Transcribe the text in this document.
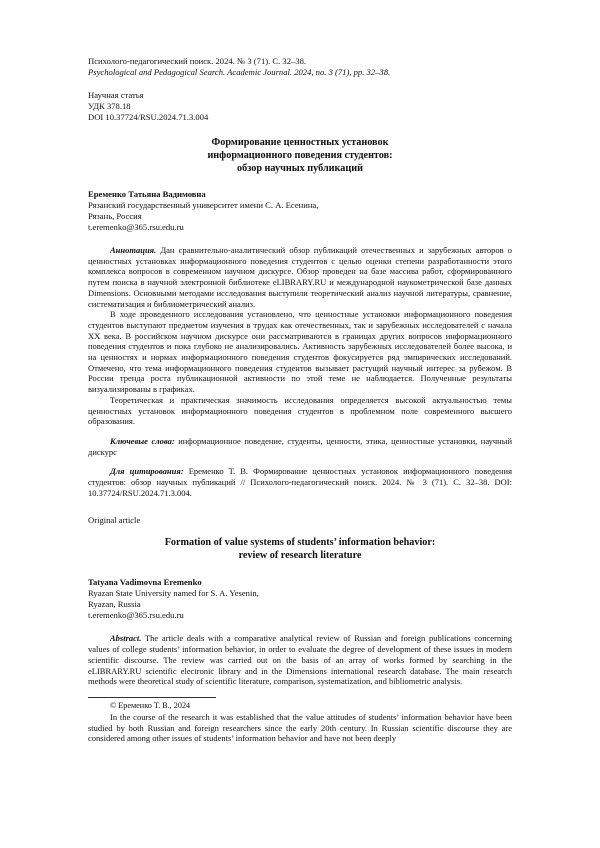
Психолого-педагогический поиск. 2024. № 3 (71). С. 32–38.
Psychological and Pedagogical Search. Academic Journal. 2024, no. 3 (71), pp. 32–38.
Научная статья
УДК 378.18
DOI 10.37724/RSU.2024.71.3.004
Формирование ценностных установок
информационного поведения студентов:
обзор научных публикаций
Еременко Татьяна Вадимовна
Рязанский государственный университет имени С. А. Есенина,
Рязань, Россия
t.eremenko@365.rsu.edu.ru

Аннотация. Дан сравнительно-аналитический обзор публикаций отечественных и зарубежных авторов о ценностных установках информационного поведения студентов с целью оценки степени разработанности этого комплекса вопросов в современном научном дискурсе. Обзор проведен на базе массива работ, сформированного путем поиска в научной электронной библиотеке eLIBRARY.RU и международной наукометрической базе данных Dimensions. Основными методами исследования выступили теоретический анализ научной литературы, сравнение, систематизация и библиометрический анализ.

В ходе проведенного исследования установлено, что ценностные установки информационного поведения студентов выступают предметом изучения в трудах как отечественных, так и зарубежных исследователей с начала XX века. В российском научном дискурсе они рассматриваются в границах других вопросов информационного поведения студентов и пока глубоко не анализировались. Активность зарубежных исследователей более высока, и на ценностях и нормах информационного поведения студентов фокусируется ряд эмпирических исследований. Отмечено, что тема информационного поведения студентов вызывает растущий научный интерес за рубежом. В России тренда роста публикационной активности по этой теме не наблюдается. Полученные результаты визуализированы в графиках.

Теоретическая и практическая значимость исследования определяется высокой актуальностью темы ценностных установок информационного поведения студентов в проблемном поле современного высшего образования.

Ключевые слова: информационное поведение, студенты, ценности, этика, ценностные установки, научный дискурс

Для цитирования: Еременко Т. В. Формирование ценностных установок информационного поведения студентов: обзор научных публикаций // Психолого-педагогический поиск. 2024. № 3 (71). С. 32–38. DOI: 10.37724/RSU.2024.71.3.004.

Original article
Formation of value systems of students’ information behavior:
review of research literature
Tatyana Vadimovna Eremenko
Ryazan State University named for S. A. Yesenin,
Ryazan, Russia
t.eremenko@365.rsu.edu.ru

Abstract. The article deals with a comparative analytical review of Russian and foreign publications concerning values of college students’ information behavior, in order to evaluate the degree of development of these issues in modern scientific discourse. The review was carried out on the basis of an array of works formed by searching in the eLIBRARY.RU scientific electronic library and in the Dimensions international research database. The main research methods were theoretical study of scientific literature, comparison, systematization, and bibliometric analysis.

© Еременко Т. В., 2024

In the course of the research it was established that the value attitudes of students’ information behavior have been studied by both Russian and foreign researchers since the early 20th century. In Russian scientific discourse they are considered among other issues of students’ information behavior and have not been deeply
